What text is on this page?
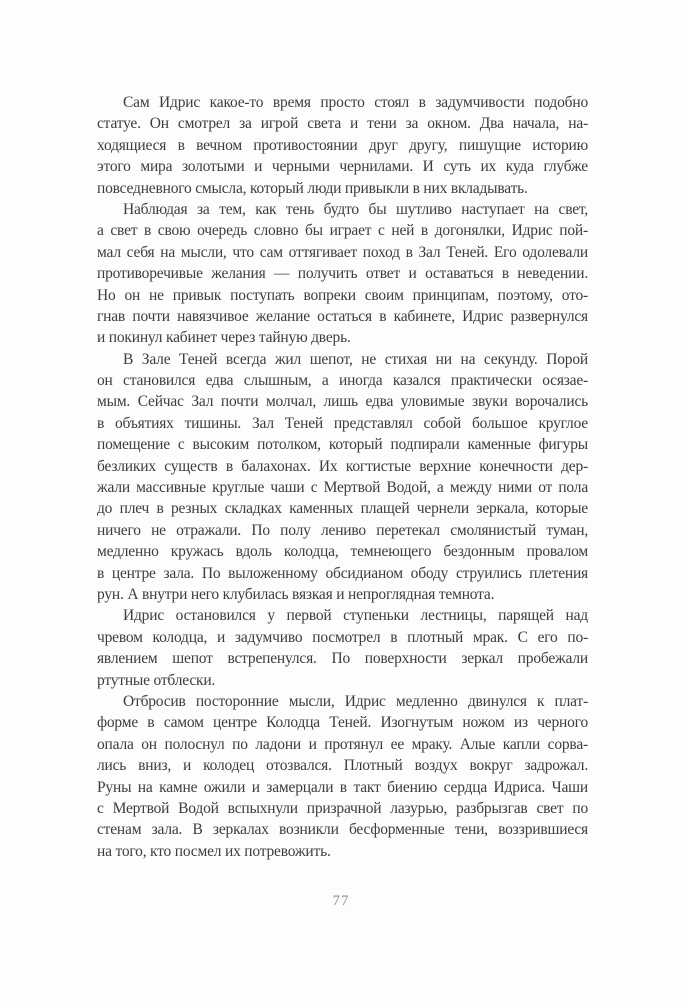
Сам Идрис какое-то время просто стоял в задумчивости подобно
статуе. Он смотрел за игрой света и тени за окном. Два начала, на-
ходящиеся в вечном противостоянии друг другу, пишущие историю
этого мира золотыми и черными чернилами. И суть их куда глубже
повседневного смысла, который люди привыкли в них вкладывать.
Наблюдая за тем, как тень будто бы шутливо наступает на свет,
а свет в свою очередь словно бы играет с ней в догонялки, Идрис пой-
мал себя на мысли, что сам оттягивает поход в Зал Теней. Его одолевали
противоречивые желания — получить ответ и оставаться в неведении.
Но он не привык поступать вопреки своим принципам, поэтому, ото-
гнав почти навязчивое желание остаться в кабинете, Идрис развернулся
и покинул кабинет через тайную дверь.
В Зале Теней всегда жил шепот, не стихая ни на секунду. Порой
он становился едва слышным, а иногда казался практически осязае-
мым. Сейчас Зал почти молчал, лишь едва уловимые звуки ворочались
в объятиях тишины. Зал Теней представлял собой большое круглое
помещение с высоким потолком, который подпирали каменные фигуры
безликих существ в балахонах. Их когтистые верхние конечности дер-
жали массивные круглые чаши с Мертвой Водой, а между ними от пола
до плеч в резных складках каменных плащей чернели зеркала, которые
ничего не отражали. По полу лениво перетекал смолянистый туман,
медленно кружась вдоль колодца, темнеющего бездонным провалом
в центре зала. По выложенному обсидианом ободу струились плетения
рун. А внутри него клубилась вязкая и непроглядная темнота.
Идрис остановился у первой ступеньки лестницы, парящей над
чревом колодца, и задумчиво посмотрел в плотный мрак. С его по-
явлением шепот встрепенулся. По поверхности зеркал пробежали
ртутные отблески.
Отбросив посторонние мысли, Идрис медленно двинулся к плат-
форме в самом центре Колодца Теней. Изогнутым ножом из черного
опала он полоснул по ладони и протянул ее мраку. Алые капли сорва-
лись вниз, и колодец отозвался. Плотный воздух вокруг задрожал.
Руны на камне ожили и замерцали в такт биению сердца Идриса. Чаши
с Мертвой Водой вспыхнули призрачной лазурью, разбрызгав свет по
стенам зала. В зеркалах возникли бесформенные тени, воззрившиеся
на того, кто посмел их потревожить.
77
